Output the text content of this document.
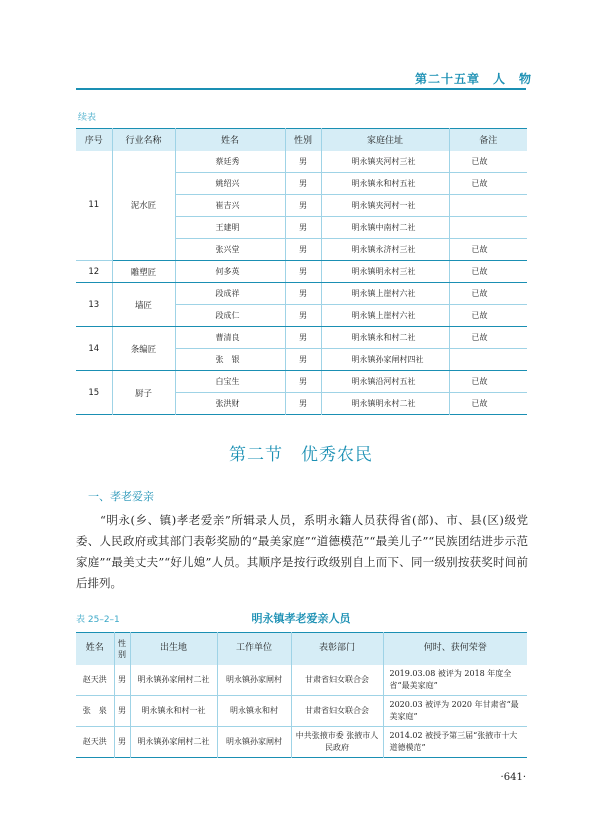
第二十五章　人　物
续表
序号	行业名称	姓名	性别	家庭住址	备注
11	泥水匠	蔡廷秀	男	明永镇夹河村三社	已故
		姚绍兴	男	明永镇永和村五社	已故
		崔吉兴	男	明永镇夹河村一社	
		王建明	男	明永镇中南村二社	
		张兴堂	男	明永镇永济村三社	已故
12	雕塑匠	何多英	男	明永镇明永村三社	已故
13	墙匠	段成祥	男	明永镇上崖村六社	已故
		段成仁	男	明永镇上崖村六社	已故
14	条编匠	曹清良	男	明永镇永和村二社	已故
		张　银	男	明永镇孙家闸村四社	
15	厨子	白宝生	男	明永镇沿河村五社	已故
		张洪财	男	明永镇明永村二社	已故
第二节　优秀农民
一、孝老爱亲

“明永(乡、镇)孝老爱亲”所辑录人员，系明永籍人员获得省(部)、市、县(区)级党委、人民政府或其部门表彰奖励的“最美家庭”“道德模范”“最美儿子”“民族团结进步示范家庭”“最美丈夫”“好儿媳”人员。其顺序是按行政级别自上而下、同一级别按获奖时间前后排列。

表 25–2–1	明永镇孝老爱亲人员
姓名	性别	出生地	工作单位	表彰部门	何时、获何荣誉
赵天洪	男	明永镇孙家闸村二社	明永镇孙家闸村	甘肃省妇女联合会	2019.03.08 被评为 2018 年度全省“最美家庭”
张　泉	男	明永镇永和村一社	明永镇永和村	甘肃省妇女联合会	2020.03 被评为 2020 年甘肃省“最美家庭”
赵天洪	男	明永镇孙家闸村二社	明永镇孙家闸村	中共张掖市委 张掖市人民政府	2014.02 被授予第三届“张掖市十大道德模范”
·641·
